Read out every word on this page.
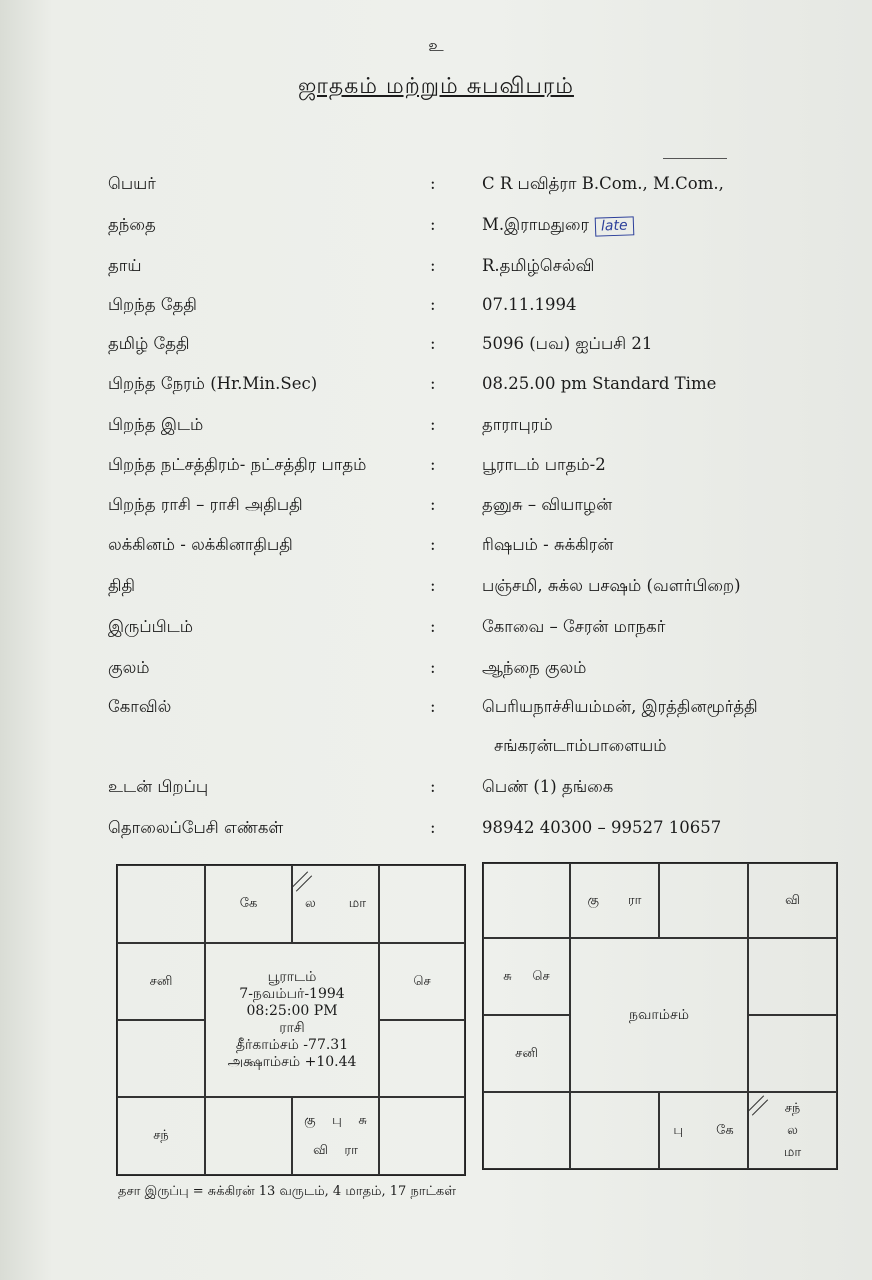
உ
ஜாதகம் மற்றும் சுபவிபரம்
பெயர்	:	C R பவித்ரா B.Com., M.Com.,
தந்தை	:	M.இராமதுரை late
தாய்	:	R.தமிழ்செல்வி
பிறந்த தேதி	:	07.11.1994
தமிழ் தேதி	:	5096 (பவ) ஐப்பசி 21
பிறந்த நேரம் (Hr.Min.Sec)	:	08.25.00 pm Standard Time
பிறந்த இடம்	:	தாராபுரம்
பிறந்த நட்சத்திரம்- நட்சத்திர பாதம்	:	பூராடம் பாதம்-2
பிறந்த ராசி – ராசி அதிபதி	:	தனுசு – வியாழன்
லக்கினம் - லக்கினாதிபதி	:	ரிஷபம் - சுக்கிரன்
திதி	:	பஞ்சமி, சுக்ல பசஷம் (வளர்பிறை)
இருப்பிடம்	:	கோவை – சேரன் மாநகர்
குலம்	:	ஆந்நை குலம்
கோவில்	:	பெரியநாச்சியம்மன், இரத்தினமூர்த்தி
சங்கரன்டாம்பாளையம்
உடன் பிறப்பு	:	பெண் (1) தங்கை
தொலைப்பேசி எண்கள்	:	98942 40300 – 99527 10657
கே	ல        மா
சனி	செ
பூராடம்
7-நவம்பர்-1994
08:25:00 PM
ராசி
தீர்காம்சம் -77.31
அக்ஷாம்சம் +10.44
சந்
கு    பு    சு
வி    ரா
கு       ரா	வி
சு     செ
சனி
நவாம்சம்
பு        கே
சந்
ல
மா
தசா இருப்பு = சுக்கிரன் 13 வருடம், 4 மாதம், 17 நாட்கள்
